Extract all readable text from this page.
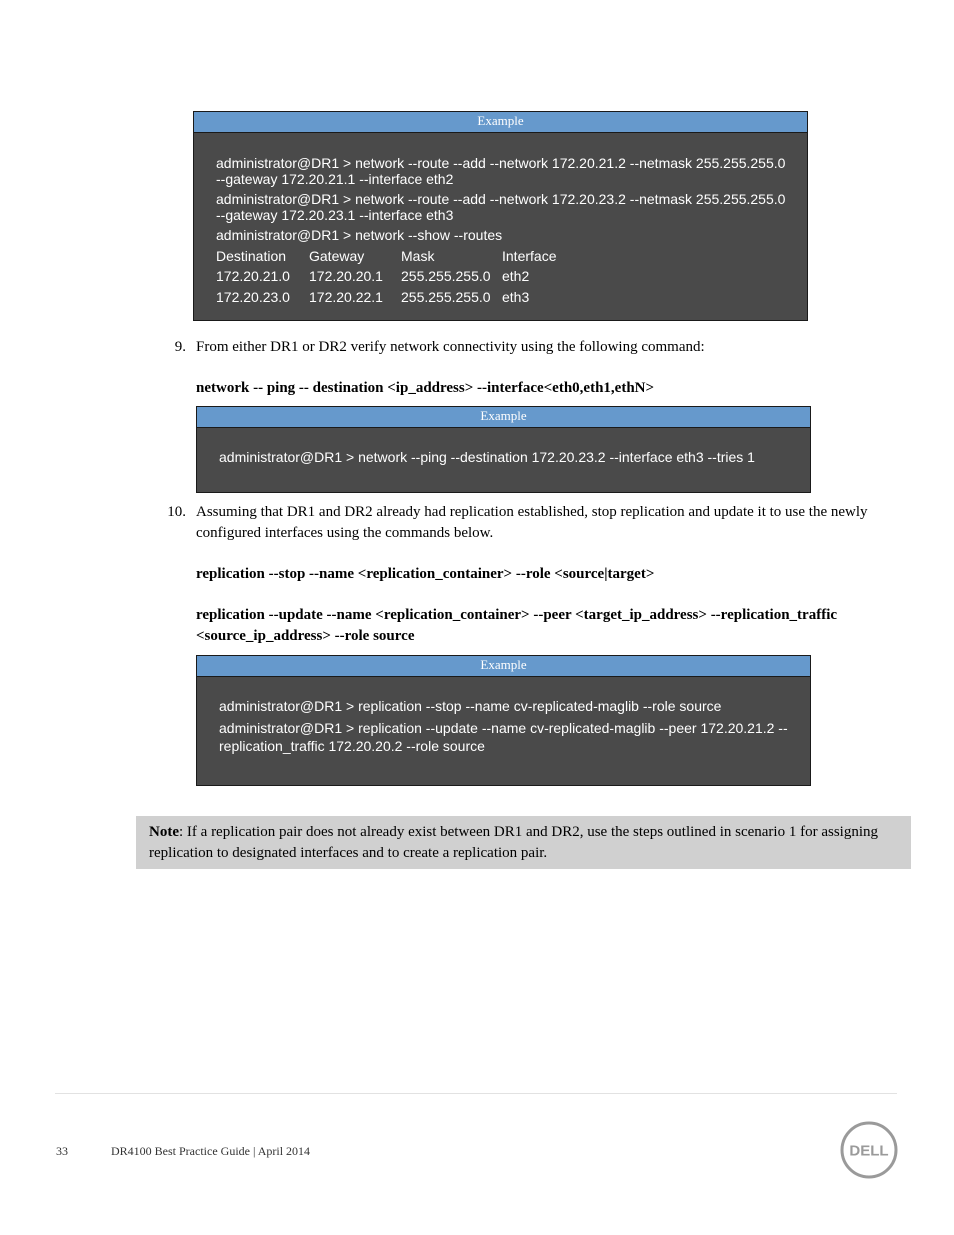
Example
administrator@DR1 > network --route --add --network 172.20.21.2 --netmask 255.255.255.0 --gateway 172.20.21.1 --interface eth2
administrator@DR1 > network --route --add --network 172.20.23.2 --netmask 255.255.255.0 --gateway 172.20.23.1 --interface eth3
administrator@DR1 > network --show --routes
Destination Gateway	Mask	Interface
172.20.21.0 172.20.20.1 255.255.255.0 eth2
172.20.23.0 172.20.22.1 255.255.255.0 eth3
9. From either DR1 or DR2 verify network connectivity using the following command:
network -- ping -- destination <ip_address> --interface<eth0,eth1,ethN>
Example
administrator@DR1 > network --ping --destination 172.20.23.2 --interface eth3 --tries 1
10. Assuming that DR1 and DR2 already had replication established, stop replication and update it to use the newly configured interfaces using the commands below.
replication --stop --name <replication_container> --role <source|target>
replication --update --name <replication_container> --peer <target_ip_address> --replication_traffic <source_ip_address> --role source
Example
administrator@DR1 > replication --stop --name cv-replicated-maglib --role source
administrator@DR1 > replication --update --name cv-replicated-maglib --peer 172.20.21.2 --replication_traffic 172.20.20.2 --role source
Note: If a replication pair does not already exist between DR1 and DR2, use the steps outlined in scenario 1 for assigning replication to designated interfaces and to create a replication pair.
33	DR4100 Best Practice Guide | April 2014	DELL
